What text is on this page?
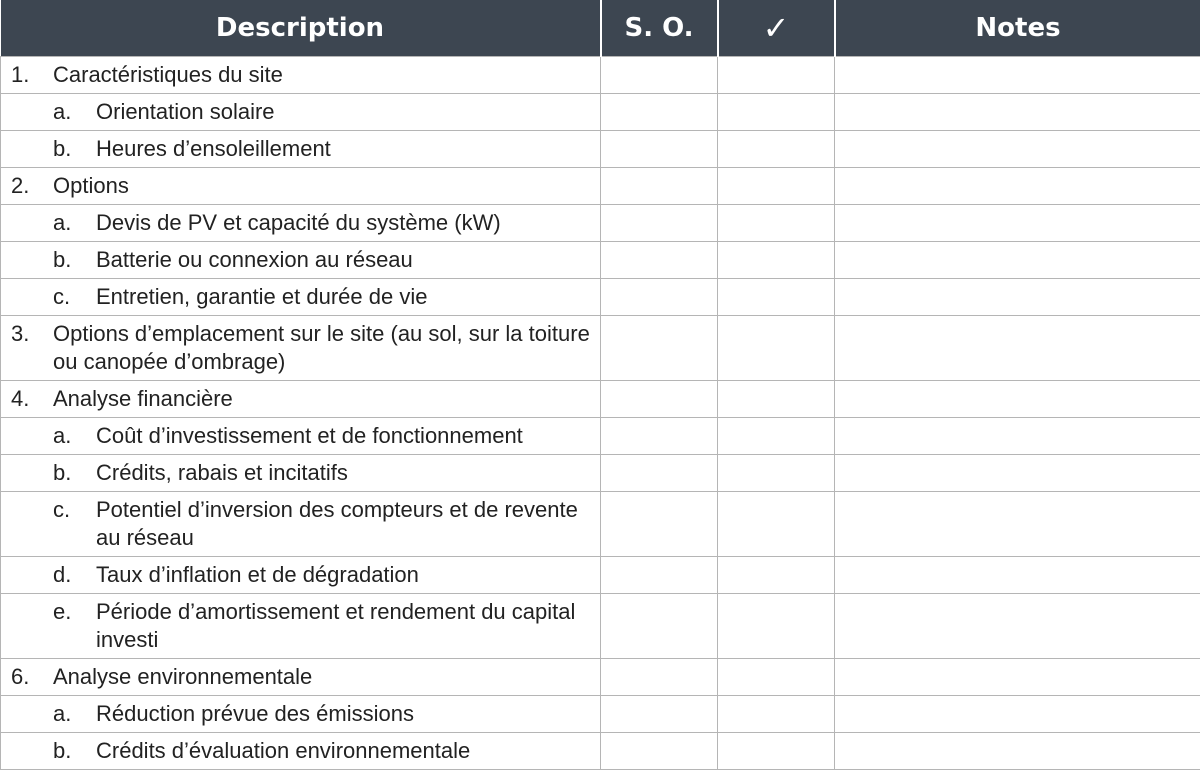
Description	S. O.	✓	Notes

1. Caractéristiques du site			

a. Orientation solaire			

b. Heures d’ensoleillement			

2. Options			

a. Devis de PV et capacité du système (kW)			

b. Batterie ou connexion au réseau			

c. Entretien, garantie et durée de vie			

3. Options d’emplacement sur le site (au sol, sur la toiture ou canopée d’ombrage)			

4. Analyse financière			

a. Coût d’investissement et de fonctionnement			

b. Crédits, rabais et incitatifs			

c. Potentiel d’inversion des compteurs et de revente au réseau			

d. Taux d’inflation et de dégradation			

e. Période d’amortissement et rendement du capital investi			

6. Analyse environnementale			

a. Réduction prévue des émissions			

b. Crédits d’évaluation environnementale			
